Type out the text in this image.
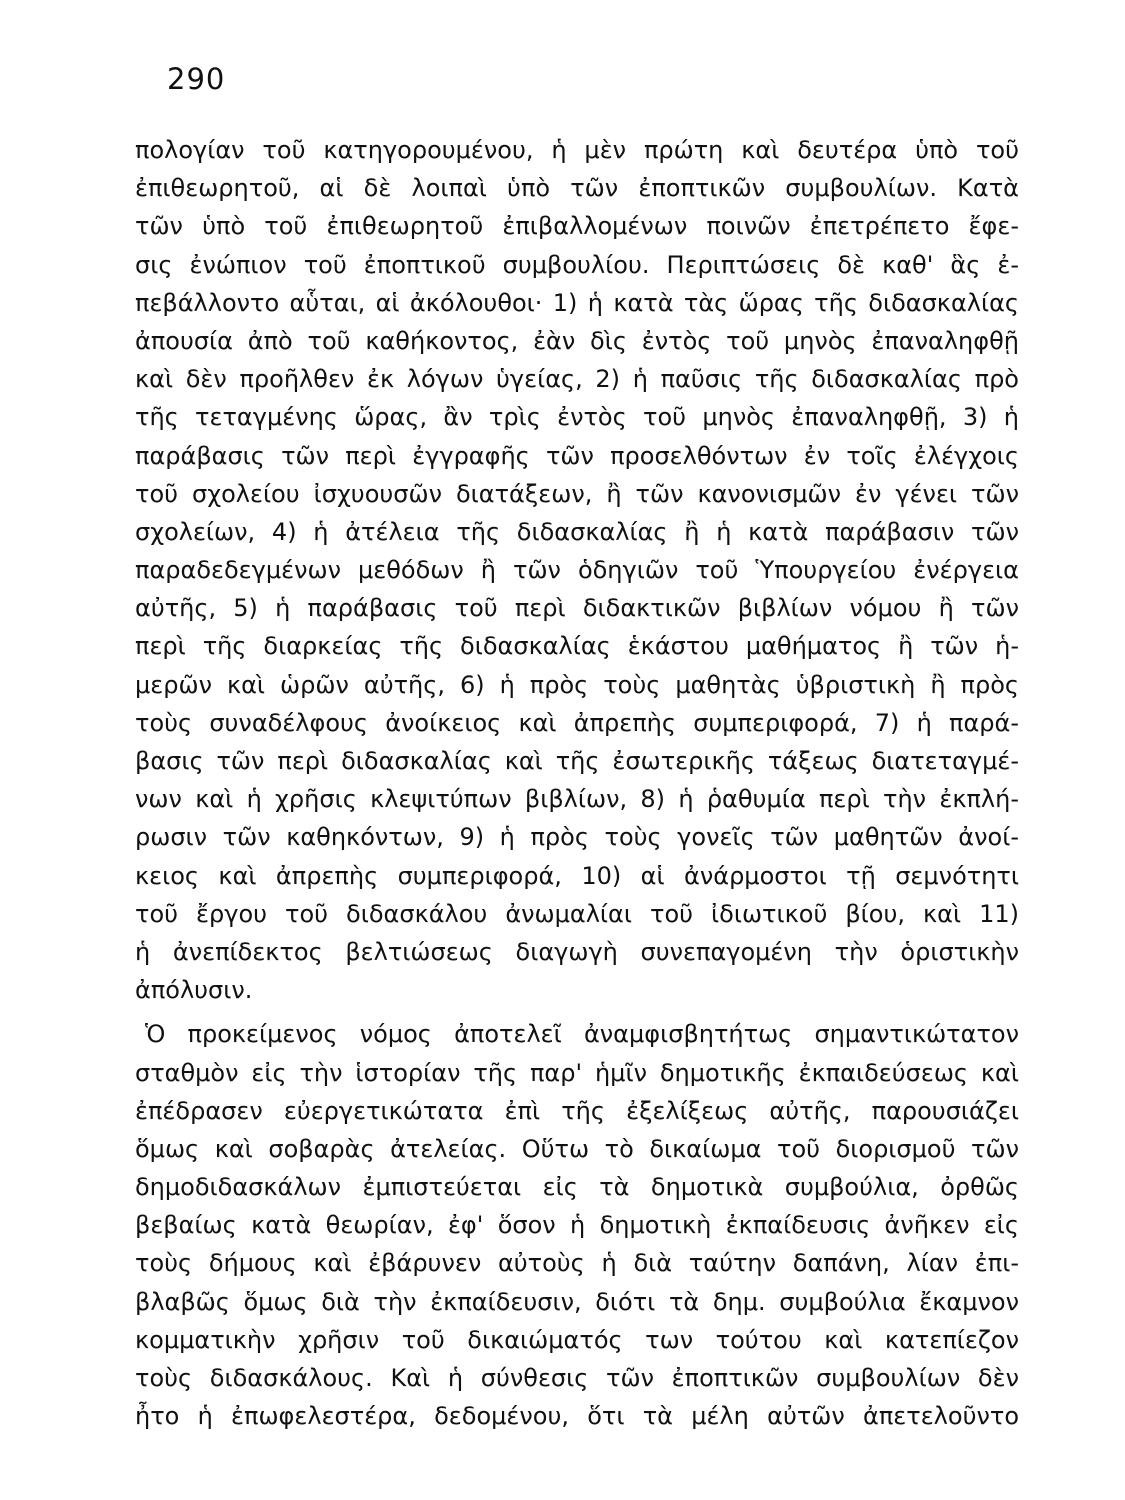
290
πολογίαν τοῦ κατηγορουμένου, ἡ μὲν πρώτη καὶ δευτέρα ὑπὸ τοῦ
ἐπιθεωρητοῦ, αἱ δὲ λοιπαὶ ὑπὸ τῶν ἐποπτικῶν συμβουλίων. Κατὰ
τῶν ὑπὸ τοῦ ἐπιθεωρητοῦ ἐπιβαλλομένων ποινῶν ἐπετρέπετο ἔφε-
σις ἐνώπιον τοῦ ἐποπτικοῦ συμβουλίου. Περιπτώσεις δὲ καθ' ἃς ἐ-
πεβάλλοντο αὗται, αἱ ἀκόλουθοι· 1) ἡ κατὰ τὰς ὥρας τῆς διδασκαλίας
ἀπουσία ἀπὸ τοῦ καθήκοντος, ἐὰν δὶς ἐντὸς τοῦ μηνὸς ἐπαναληφθῇ
καὶ δὲν προῆλθεν ἐκ λόγων ὑγείας, 2) ἡ παῦσις τῆς διδασκαλίας πρὸ
τῆς τεταγμένης ὥρας, ἂν τρὶς ἐντὸς τοῦ μηνὸς ἐπαναληφθῇ, 3) ἡ
παράβασις τῶν περὶ ἐγγραφῆς τῶν προσελθόντων ἐν τοῖς ἐλέγχοις
τοῦ σχολείου ἰσχυουσῶν διατάξεων, ἢ τῶν κανονισμῶν ἐν γένει τῶν
σχολείων, 4) ἡ ἀτέλεια τῆς διδασκαλίας ἢ ἡ κατὰ παράβασιν τῶν
παραδεδεγμένων μεθόδων ἢ τῶν ὁδηγιῶν τοῦ Ὑπουργείου ἐνέργεια
αὐτῆς, 5) ἡ παράβασις τοῦ περὶ διδακτικῶν βιβλίων νόμου ἢ τῶν
περὶ τῆς διαρκείας τῆς διδασκαλίας ἑκάστου μαθήματος ἢ τῶν ἡ-
μερῶν καὶ ὡρῶν αὐτῆς, 6) ἡ πρὸς τοὺς μαθητὰς ὑβριστικὴ ἢ πρὸς
τοὺς συναδέλφους ἀνοίκειος καὶ ἀπρεπὴς συμπεριφορά, 7) ἡ παρά-
βασις τῶν περὶ διδασκαλίας καὶ τῆς ἐσωτερικῆς τάξεως διατεταγμέ-
νων καὶ ἡ χρῆσις κλεψιτύπων βιβλίων, 8) ἡ ῥαθυμία περὶ τὴν ἐκπλή-
ρωσιν τῶν καθηκόντων, 9) ἡ πρὸς τοὺς γονεῖς τῶν μαθητῶν ἀνοί-
κειος καὶ ἀπρεπὴς συμπεριφορά, 10) αἱ ἀνάρμοστοι τῇ σεμνότητι
τοῦ ἔργου τοῦ διδασκάλου ἀνωμαλίαι τοῦ ἰδιωτικοῦ βίου, καὶ 11)
ἡ ἀνεπίδεκτος βελτιώσεως διαγωγὴ συνεπαγομένη τὴν ὁριστικὴν
ἀπόλυσιν.
Ὁ προκείμενος νόμος ἀποτελεῖ ἀναμφισβητήτως σημαντικώτατον
σταθμὸν εἰς τὴν ἱστορίαν τῆς παρ' ἡμῖν δημοτικῆς ἐκπαιδεύσεως καὶ
ἐπέδρασεν εὐεργετικώτατα ἐπὶ τῆς ἐξελίξεως αὐτῆς, παρουσιάζει
ὅμως καὶ σοβαρὰς ἀτελείας. Οὕτω τὸ δικαίωμα τοῦ διορισμοῦ τῶν
δημοδιδασκάλων ἐμπιστεύεται εἰς τὰ δημοτικὰ συμβούλια, ὀρθῶς
βεβαίως κατὰ θεωρίαν, ἐφ' ὅσον ἡ δημοτικὴ ἐκπαίδευσις ἀνῆκεν εἰς
τοὺς δήμους καὶ ἐβάρυνεν αὐτοὺς ἡ διὰ ταύτην δαπάνη, λίαν ἐπι-
βλαβῶς ὅμως διὰ τὴν ἐκπαίδευσιν, διότι τὰ δημ. συμβούλια ἔκαμνον
κομματικὴν χρῆσιν τοῦ δικαιώματός των τούτου καὶ κατεπίεζον
τοὺς διδασκάλους. Καὶ ἡ σύνθεσις τῶν ἐποπτικῶν συμβουλίων δὲν
ἦτο ἡ ἐπωφελεστέρα, δεδομένου, ὅτι τὰ μέλη αὐτῶν ἀπετελοῦντο
